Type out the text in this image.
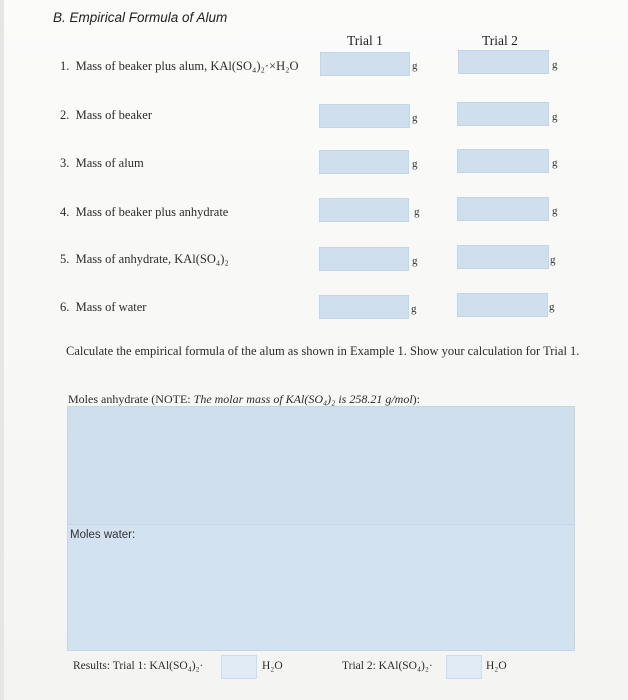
B. Empirical Formula of Alum
Trial 1	Trial 2
1. Mass of beaker plus alum, KAl(SO₄)₂·×H₂O	g	g
2. Mass of beaker	g	g
3. Mass of alum	g	g
4. Mass of beaker plus anhydrate	g	g
5. Mass of anhydrate, KAl(SO₄)₂	g	g
6. Mass of water	g	g
Calculate the empirical formula of the alum as shown in Example 1. Show your calculation for Trial 1.
Moles anhydrate (NOTE: The molar mass of KAl(SO₄)₂ is 258.21 g/mol):
Moles water:
Results: Trial 1: KAl(SO₄)₂·	H₂O	Trial 2: KAl(SO₄)₂·	H₂O
